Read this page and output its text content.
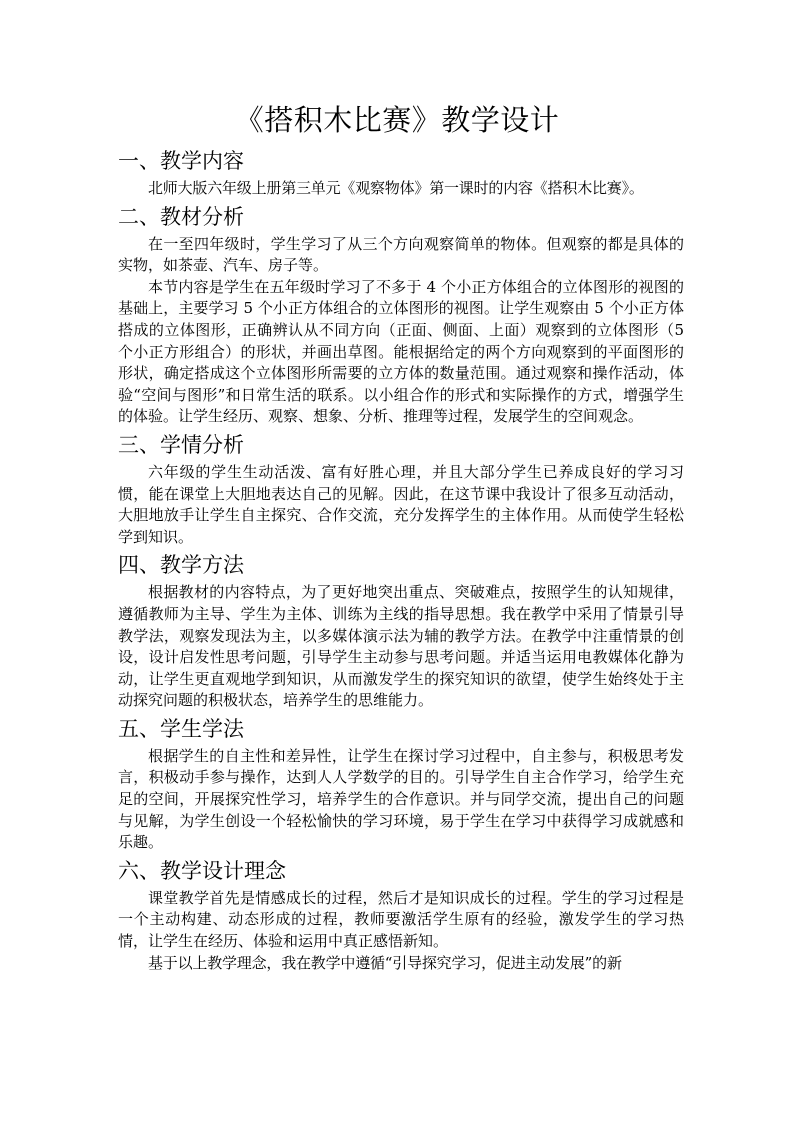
《搭积木比赛》教学设计
一、教学内容

北师大版六年级上册第三单元《观察物体》第一课时的内容《搭积木比赛》。

二、教材分析

在一至四年级时，学生学习了从三个方向观察简单的物体。但观察的都是具体的实物，如茶壶、汽车、房子等。

本节内容是学生在五年级时学习了不多于 4 个小正方体组合的立体图形的视图的基础上，主要学习 5 个小正方体组合的立体图形的视图。让学生观察由 5 个小正方体搭成的立体图形，正确辨认从不同方向（正面、侧面、上面）观察到的立体图形（5 个小正方形组合）的形状，并画出草图。能根据给定的两个方向观察到的平面图形的形状，确定搭成这个立体图形所需要的立方体的数量范围。通过观察和操作活动，体验“空间与图形”和日常生活的联系。以小组合作的形式和实际操作的方式，增强学生的体验。让学生经历、观察、想象、分析、推理等过程，发展学生的空间观念。

三、学情分析

六年级的学生生动活泼、富有好胜心理，并且大部分学生已养成良好的学习习惯，能在课堂上大胆地表达自己的见解。因此，在这节课中我设计了很多互动活动，大胆地放手让学生自主探究、合作交流，充分发挥学生的主体作用。从而使学生轻松学到知识。

四、教学方法

根据教材的内容特点，为了更好地突出重点、突破难点，按照学生的认知规律，遵循教师为主导、学生为主体、训练为主线的指导思想。我在教学中采用了情景引导教学法，观察发现法为主，以多媒体演示法为辅的教学方法。在教学中注重情景的创设，设计启发性思考问题，引导学生主动参与思考问题。并适当运用电教媒体化静为动，让学生更直观地学到知识，从而激发学生的探究知识的欲望，使学生始终处于主动探究问题的积极状态，培养学生的思维能力。

五、学生学法

根据学生的自主性和差异性，让学生在探讨学习过程中，自主参与，积极思考发言，积极动手参与操作，达到人人学数学的目的。引导学生自主合作学习，给学生充足的空间，开展探究性学习，培养学生的合作意识。并与同学交流，提出自己的问题与见解，为学生创设一个轻松愉快的学习环境，易于学生在学习中获得学习成就感和乐趣。

六、教学设计理念

课堂教学首先是情感成长的过程，然后才是知识成长的过程。学生的学习过程是一个主动构建、动态形成的过程，教师要激活学生原有的经验，激发学生的学习热情，让学生在经历、体验和运用中真正感悟新知。

基于以上教学理念，我在教学中遵循“引导探究学习，促进主动发展”的新
